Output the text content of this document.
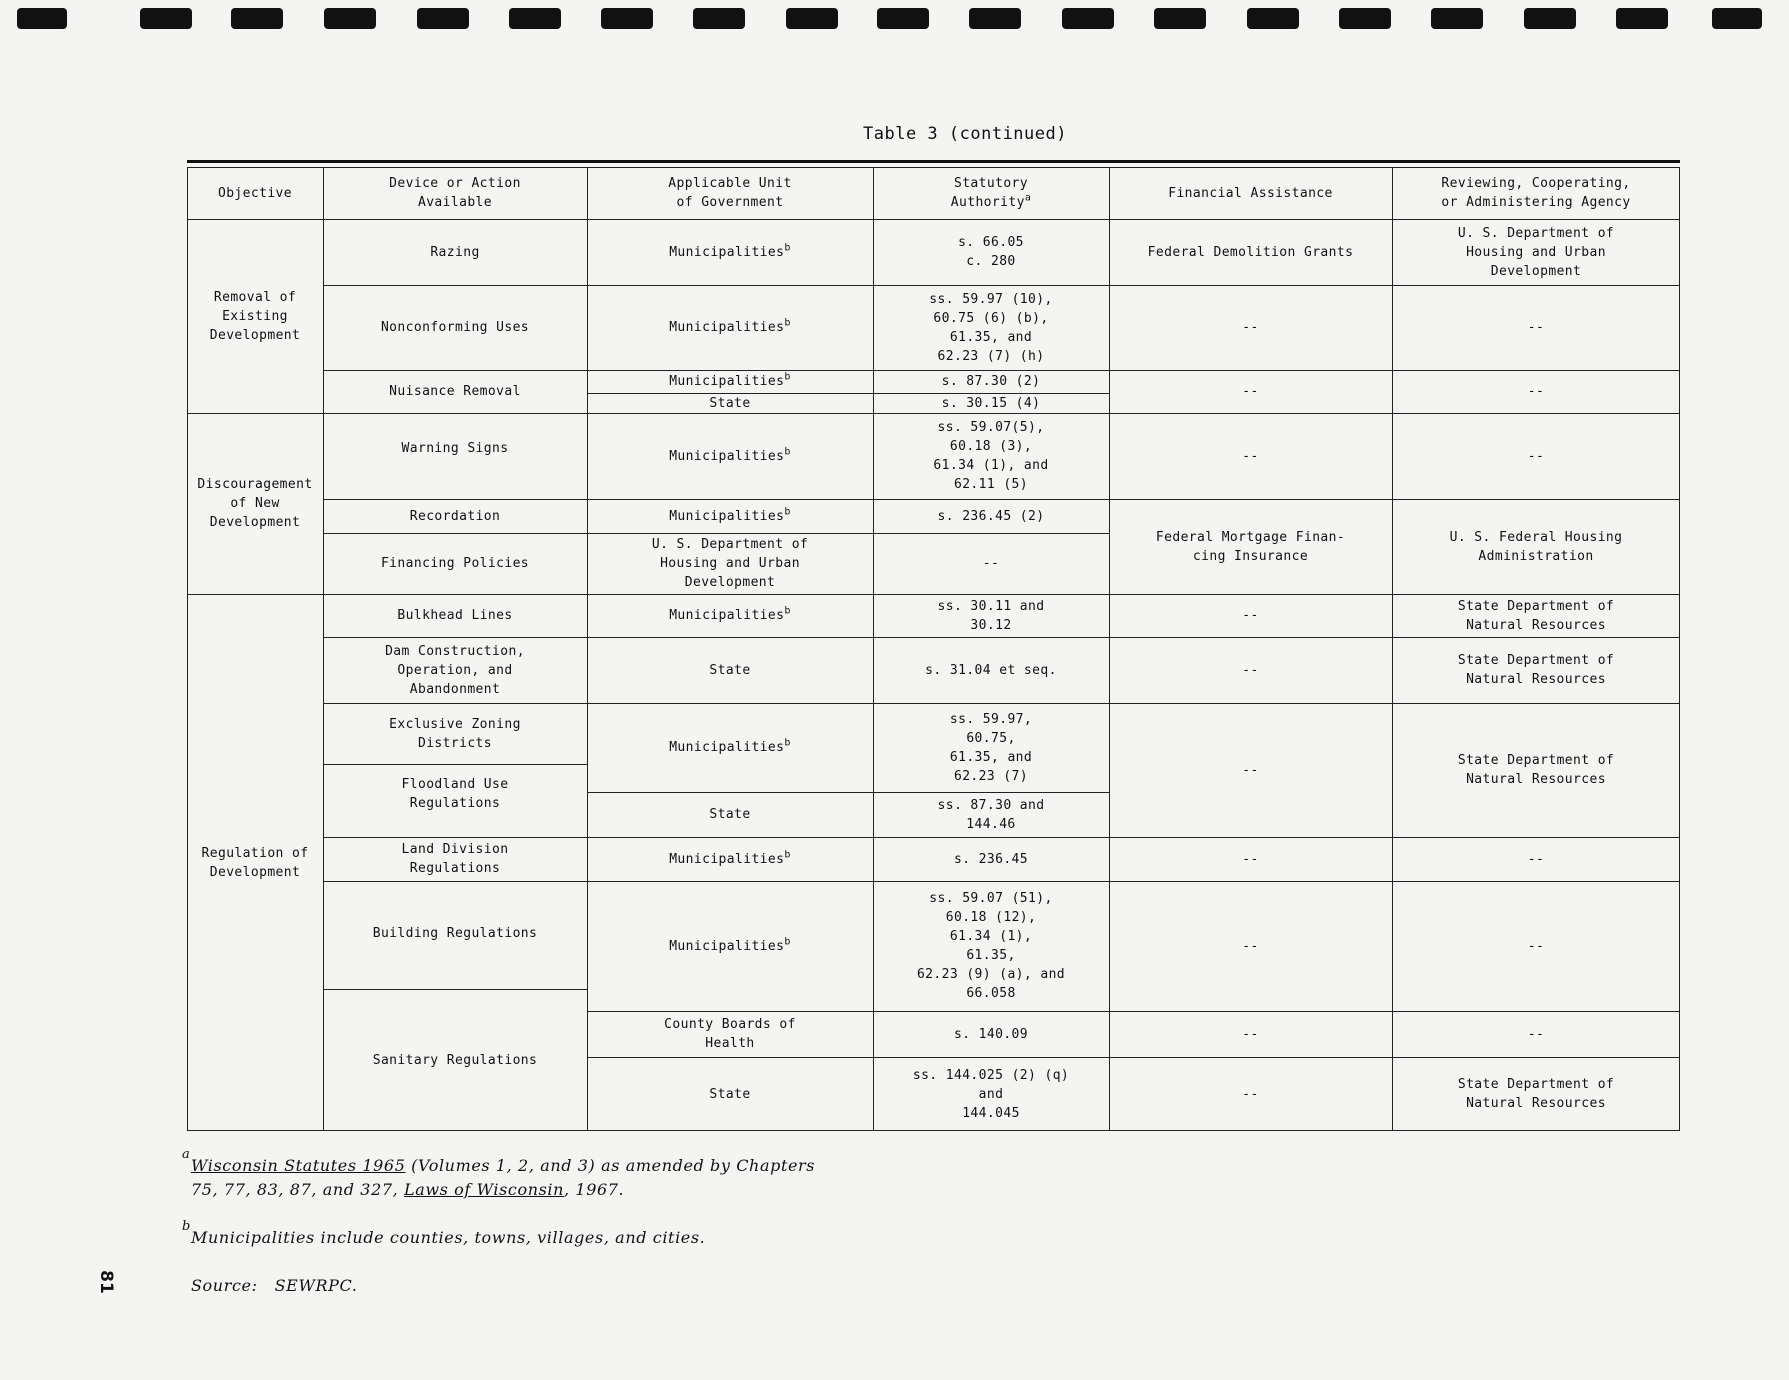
Table 3 (continued)
Objective
Device or Action
Available
Applicable Unit
of Government
Statutory
Authority$^a$	Financial Assistance
Reviewing, Cooperating,
or Administering Agency
Removal of
Existing
Development
Discouragement
of New
Development
Regulation of
Development
Razing
Nonconforming Uses
Nuisance Removal
Warning Signs
Recordation
Financing Policies
Bulkhead Lines
Dam Construction,
Operation, and
Abandonment
Exclusive Zoning
Districts
Floodland Use
Regulations
Land Division
Regulations
Building Regulations
Sanitary Regulations
Municipalities$^b$
Municipalities$^b$
Municipalities$^b$
State
Municipalities$^b$
Municipalities$^b$
U. S. Department of
Housing and Urban
Development
Municipalities$^b$
State
Municipalities$^b$
State
Municipalities$^b$
Municipalities$^b$
County Boards of
Health
State
s. 66.05
c. 280
ss. 59.97 (10),
60.75 (6) (b),
61.35, and
62.23 (7) (h)
s. 87.30 (2)
s. 30.15 (4)
ss. 59.07(5),
60.18 (3),
61.34 (1), and
62.11 (5)
s. 236.45 (2)
--
ss. 30.11 and
30.12
s. 31.04 et seq.
ss. 59.97,
60.75,
61.35, and
62.23 (7)
ss. 87.30 and
144.46
s. 236.45
ss. 59.07 (51),
60.18 (12),
61.34 (1),
61.35,
62.23 (9) (a), and
66.058
s. 140.09
ss. 144.025 (2) (q)
and
144.045
Federal Demolition Grants
--
--
--
Federal Mortgage Finan-
cing Insurance
--
--
--
--
--
--
--
U. S. Department of
Housing and Urban
Development
--
--
--
U. S. Federal Housing
Administration
State Department of
Natural Resources
State Department of
Natural Resources
State Department of
Natural Resources
--
--
--
State Department of
Natural Resources
a
Wisconsin Statutes 1965 (Volumes 1, 2, and 3) as amended by Chapters
75, 77, 83, 87, and 327, Laws of Wisconsin, 1967.
b
Municipalities include counties, towns, villages, and cities.
Source:   SEWRPC.
81
